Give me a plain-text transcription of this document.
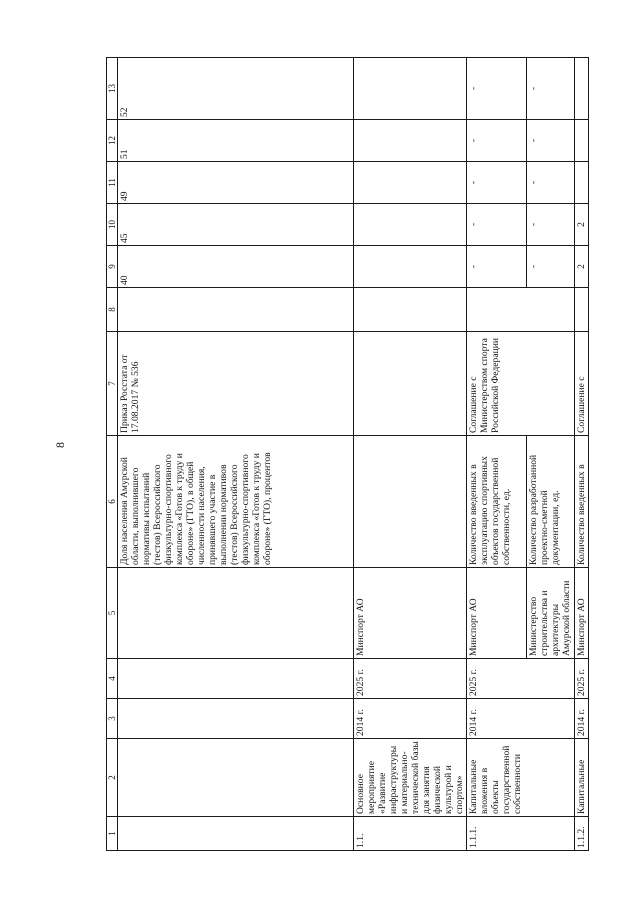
8
1	2	3	4	5	6	7	8	9	10	11	12	13
					Доля населения Амурской области, выполнившего нормативы испытаний (тестов) Всероссийского физкультурно-спортивного комплекса «Готов к труду и обороне» (ГТО), в общей численности населения, принявшего участие в выполнении нормативов (тестов) Всероссийского физкультурно-спортивного комплекса «Готов к труду и обороне» (ГТО), процентов	Приказ Росстата от 17.08.2017 № 536		40	45	49	51	52
1.1.	Основное мероприятие «Развитие инфраструктуры и материально-технической базы для занятия физической культурой и спортом»	2014 г.	2025 г.	Минспорт АО								
1.1.1.	Капитальные вложения в объекты государственной собственности	2014 г.	2025 г.	Минспорт АО	Количество введенных в эксплуатацию спортивных объектов государственной собственности, ед.	Соглашение с Министерством спорта Российской Федерации		-	-	-	-	-
				Министерство строительства и архитектуры Амурской области	Количество разработанной проектно-сметной документации, ед.			-	-	-	-	-
1.1.2.	Капитальные	2014 г.	2025 г.	Минспорт АО	Количество введенных в	Соглашение с		2	2			
